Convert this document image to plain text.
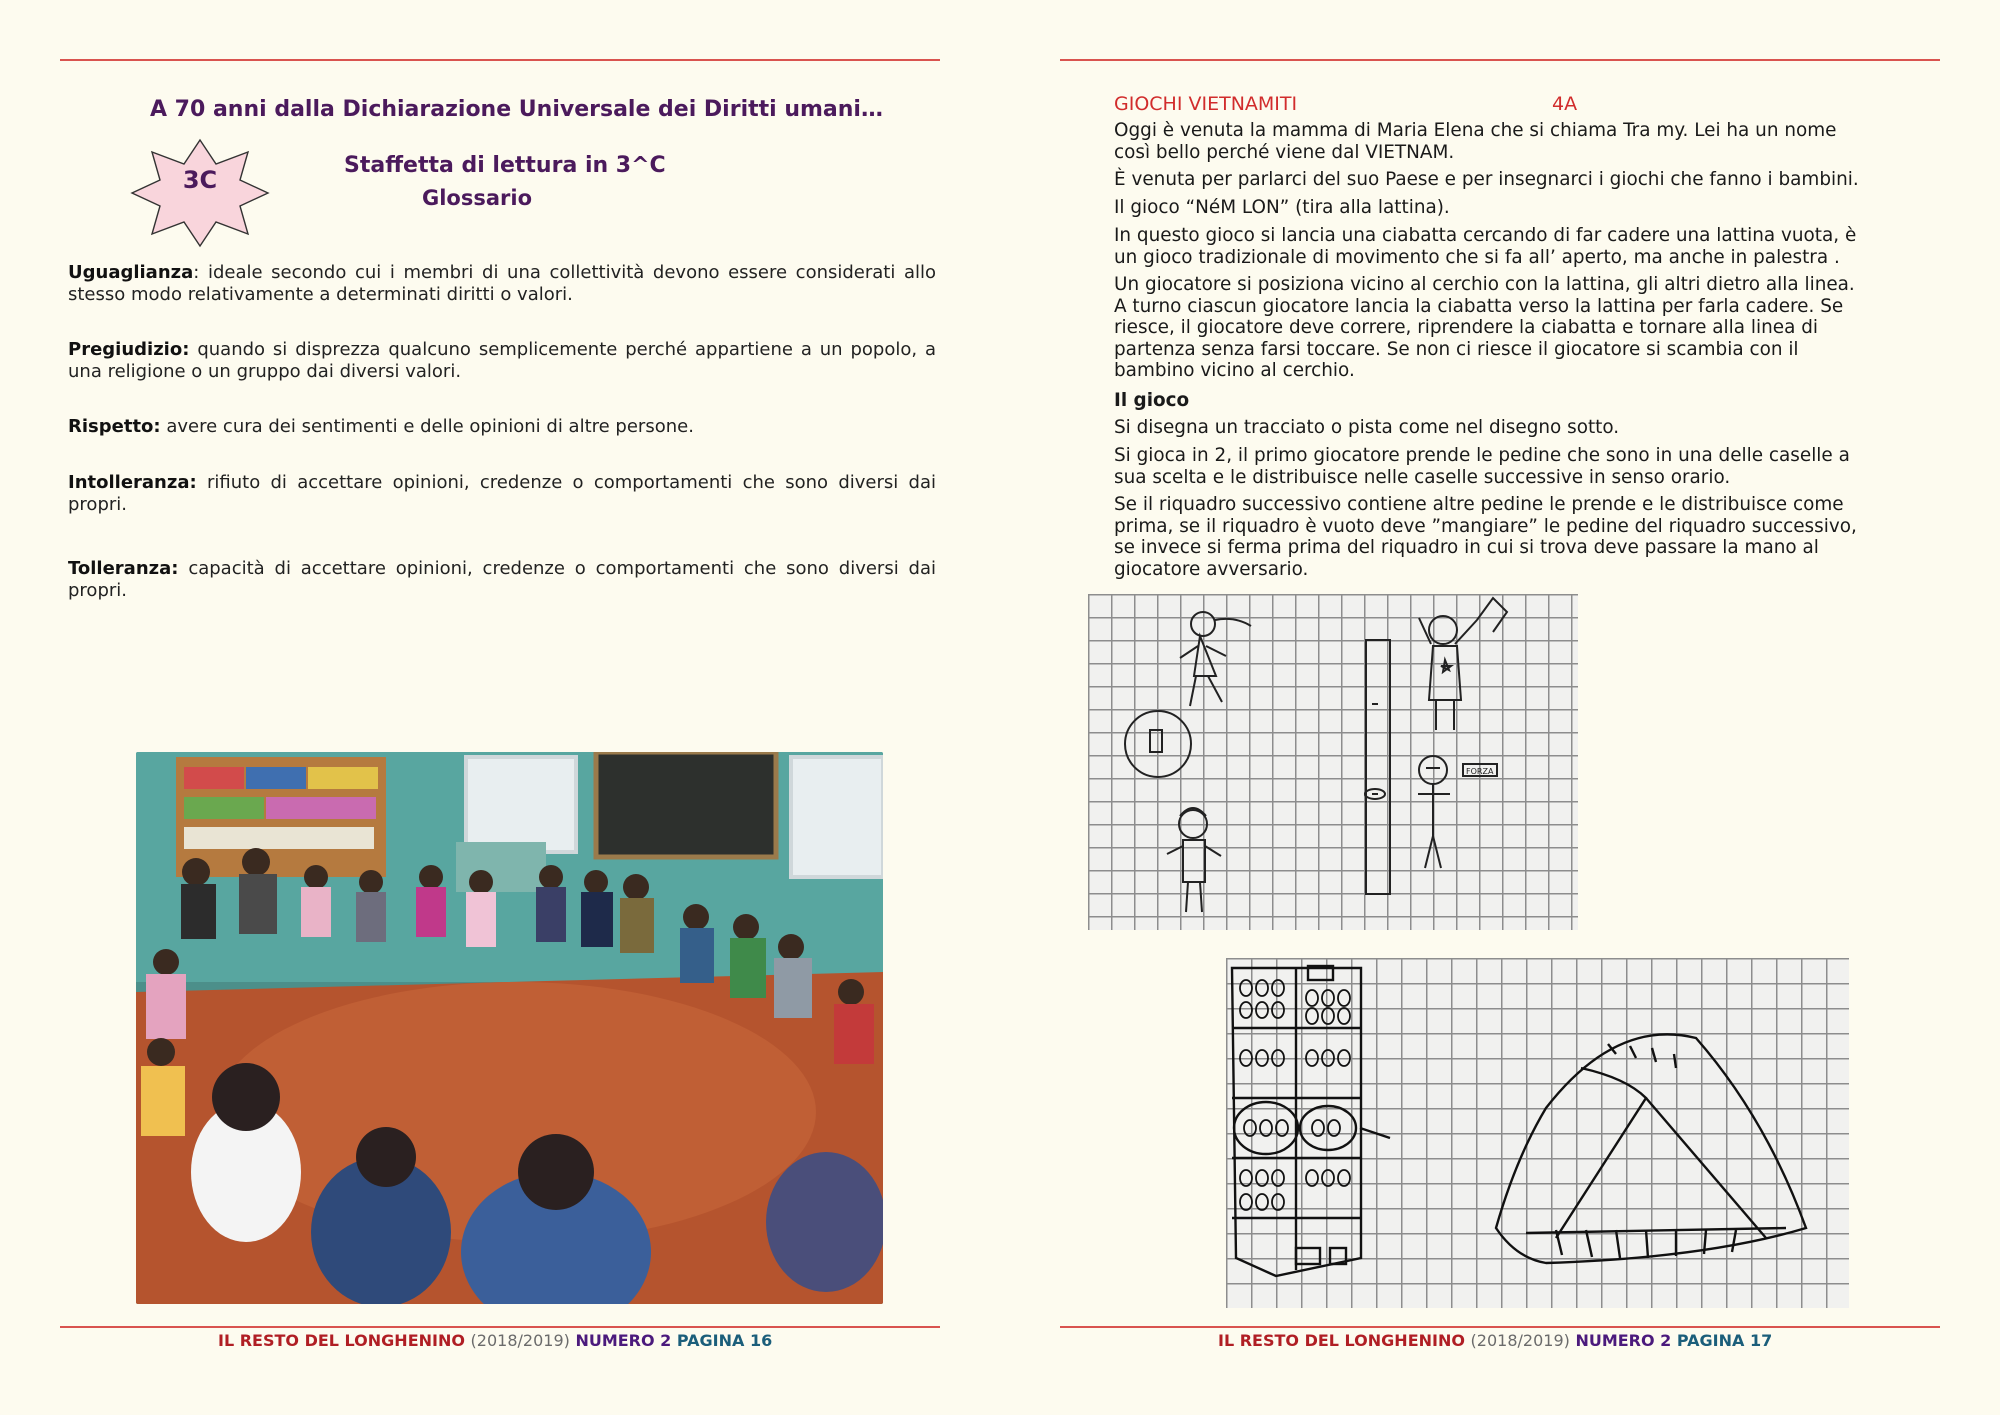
A 70 anni dalla Dichiarazione Universale dei Diritti umani…
3C
Staffetta di lettura in 3^C
Glossario
Uguaglianza: ideale secondo cui i membri di una collettività devono essere considerati allo stesso modo relativamente a determinati diritti o valori.
Pregiudizio: quando si disprezza qualcuno semplicemente perché appartiene a un popolo, a una religione o un gruppo dai diversi valori.
Rispetto: avere cura dei sentimenti e delle opinioni di altre persone.
Intolleranza: rifiuto di accettare opinioni, credenze o comportamenti che sono diversi dai propri.
Tolleranza: capacità di accettare opinioni, credenze o comportamenti che sono diversi dai propri.
IL RESTO DEL LONGHENINO (2018/2019) NUMERO 2 PAGINA 16
GIOCHI VIETNAMITI	4A
Oggi è venuta la mamma di Maria Elena che si chiama Tra my. Lei ha un nome così bello perché viene dal VIETNAM.
È venuta per parlarci del suo Paese e per insegnarci i giochi che fanno i bambini.
Il gioco “NéM LON” (tira alla lattina).
In questo gioco si lancia una ciabatta cercando di far cadere una lattina vuota, è un gioco tradizionale di movimento che si fa all’ aperto, ma anche in palestra .
Un giocatore si posiziona vicino al cerchio con la lattina, gli altri dietro alla linea. A turno ciascun giocatore lancia la ciabatta verso la lattina per farla cadere. Se riesce, il giocatore deve correre, riprendere la ciabatta e tornare alla linea di partenza senza farsi toccare. Se non ci riesce il giocatore si scambia con il bambino vicino al cerchio.
Il gioco
Si disegna un tracciato o pista come nel disegno sotto.
Si gioca in 2, il primo giocatore prende le pedine che sono in una delle caselle a sua scelta e le distribuisce nelle caselle successive in senso orario.
Se il riquadro successivo contiene altre pedine le prende e le distribuisce come prima, se il riquadro è vuoto deve ”mangiare” le pedine del riquadro successivo, se invece si ferma prima del riquadro in cui si trova deve passare la mano al giocatore avversario.
FORZA
IL RESTO DEL LONGHENINO (2018/2019) NUMERO 2 PAGINA 17
